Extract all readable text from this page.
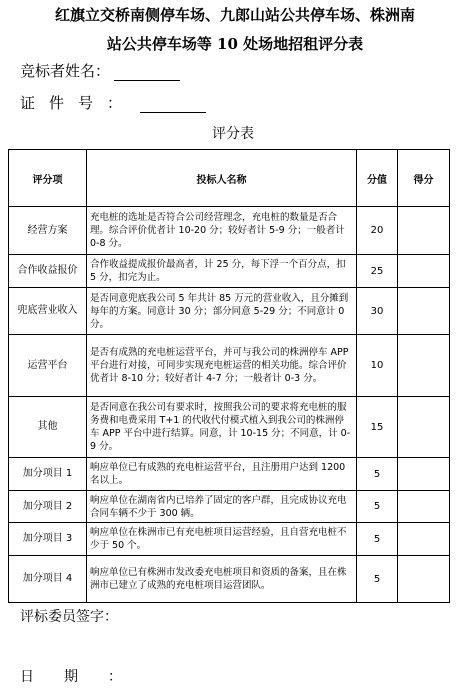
红旗立交桥南侧停车场、九郎山站公共停车场、株洲南
站公共停车场等 10 处场地招租评分表
竞标者姓名：
证件号：
评分表
评分项	投标人名称	分值	得分
经营方案	充电桩的选址是否符合公司经营理念，充电桩的数量是否合理。综合评价优者计 10-20 分；较好者计 5-9 分；一般者计 0-8 分。	20	
合作收益报价	合作收益提成报价最高者，计 25 分，每下浮一个百分点，扣 5 分，扣完为止。	25	
兜底营业收入	是否同意兜底我公司 5 年共计 85 万元的营业收入，且分摊到每年的方案。同意计 30 分；部分同意 5-29 分；不同意计 0 分。	30	
运营平台	是否有成熟的充电桩运营平台，并可与我公司的株洲停车 APP 平台进行对接，可同步实现充电桩运营的相关功能。综合评价优者计 8-10 分；较好者计 4-7 分；一般者计 0-3 分。	10	
其他	是否同意在我公司有要求时，按照我公司的要求将充电桩的服务费和电费采用 T+1 的代收代付模式植入到我公司的株洲停车 APP 平台中进行结算。同意，计 10-15 分；不同意，计 0-9 分。	15	
加分项目 1	响应单位已有成熟的充电桩运营平台，且注册用户达到 1200 名以上。	5	
加分项目 2	响应单位在湖南省内已培养了固定的客户群，且完成协议充电合同车辆不少于 300 辆。	5	
加分项目 3	响应单位在株洲市已有充电桩项目运营经验，且自营充电桩不少于 50 个。	5	
加分项目 4	响应单位已有株洲市发改委充电桩项目和资质的备案，且在株洲市已建立了成熟的充电桩项目运营团队。	5	
评标委员签字：
日期：
